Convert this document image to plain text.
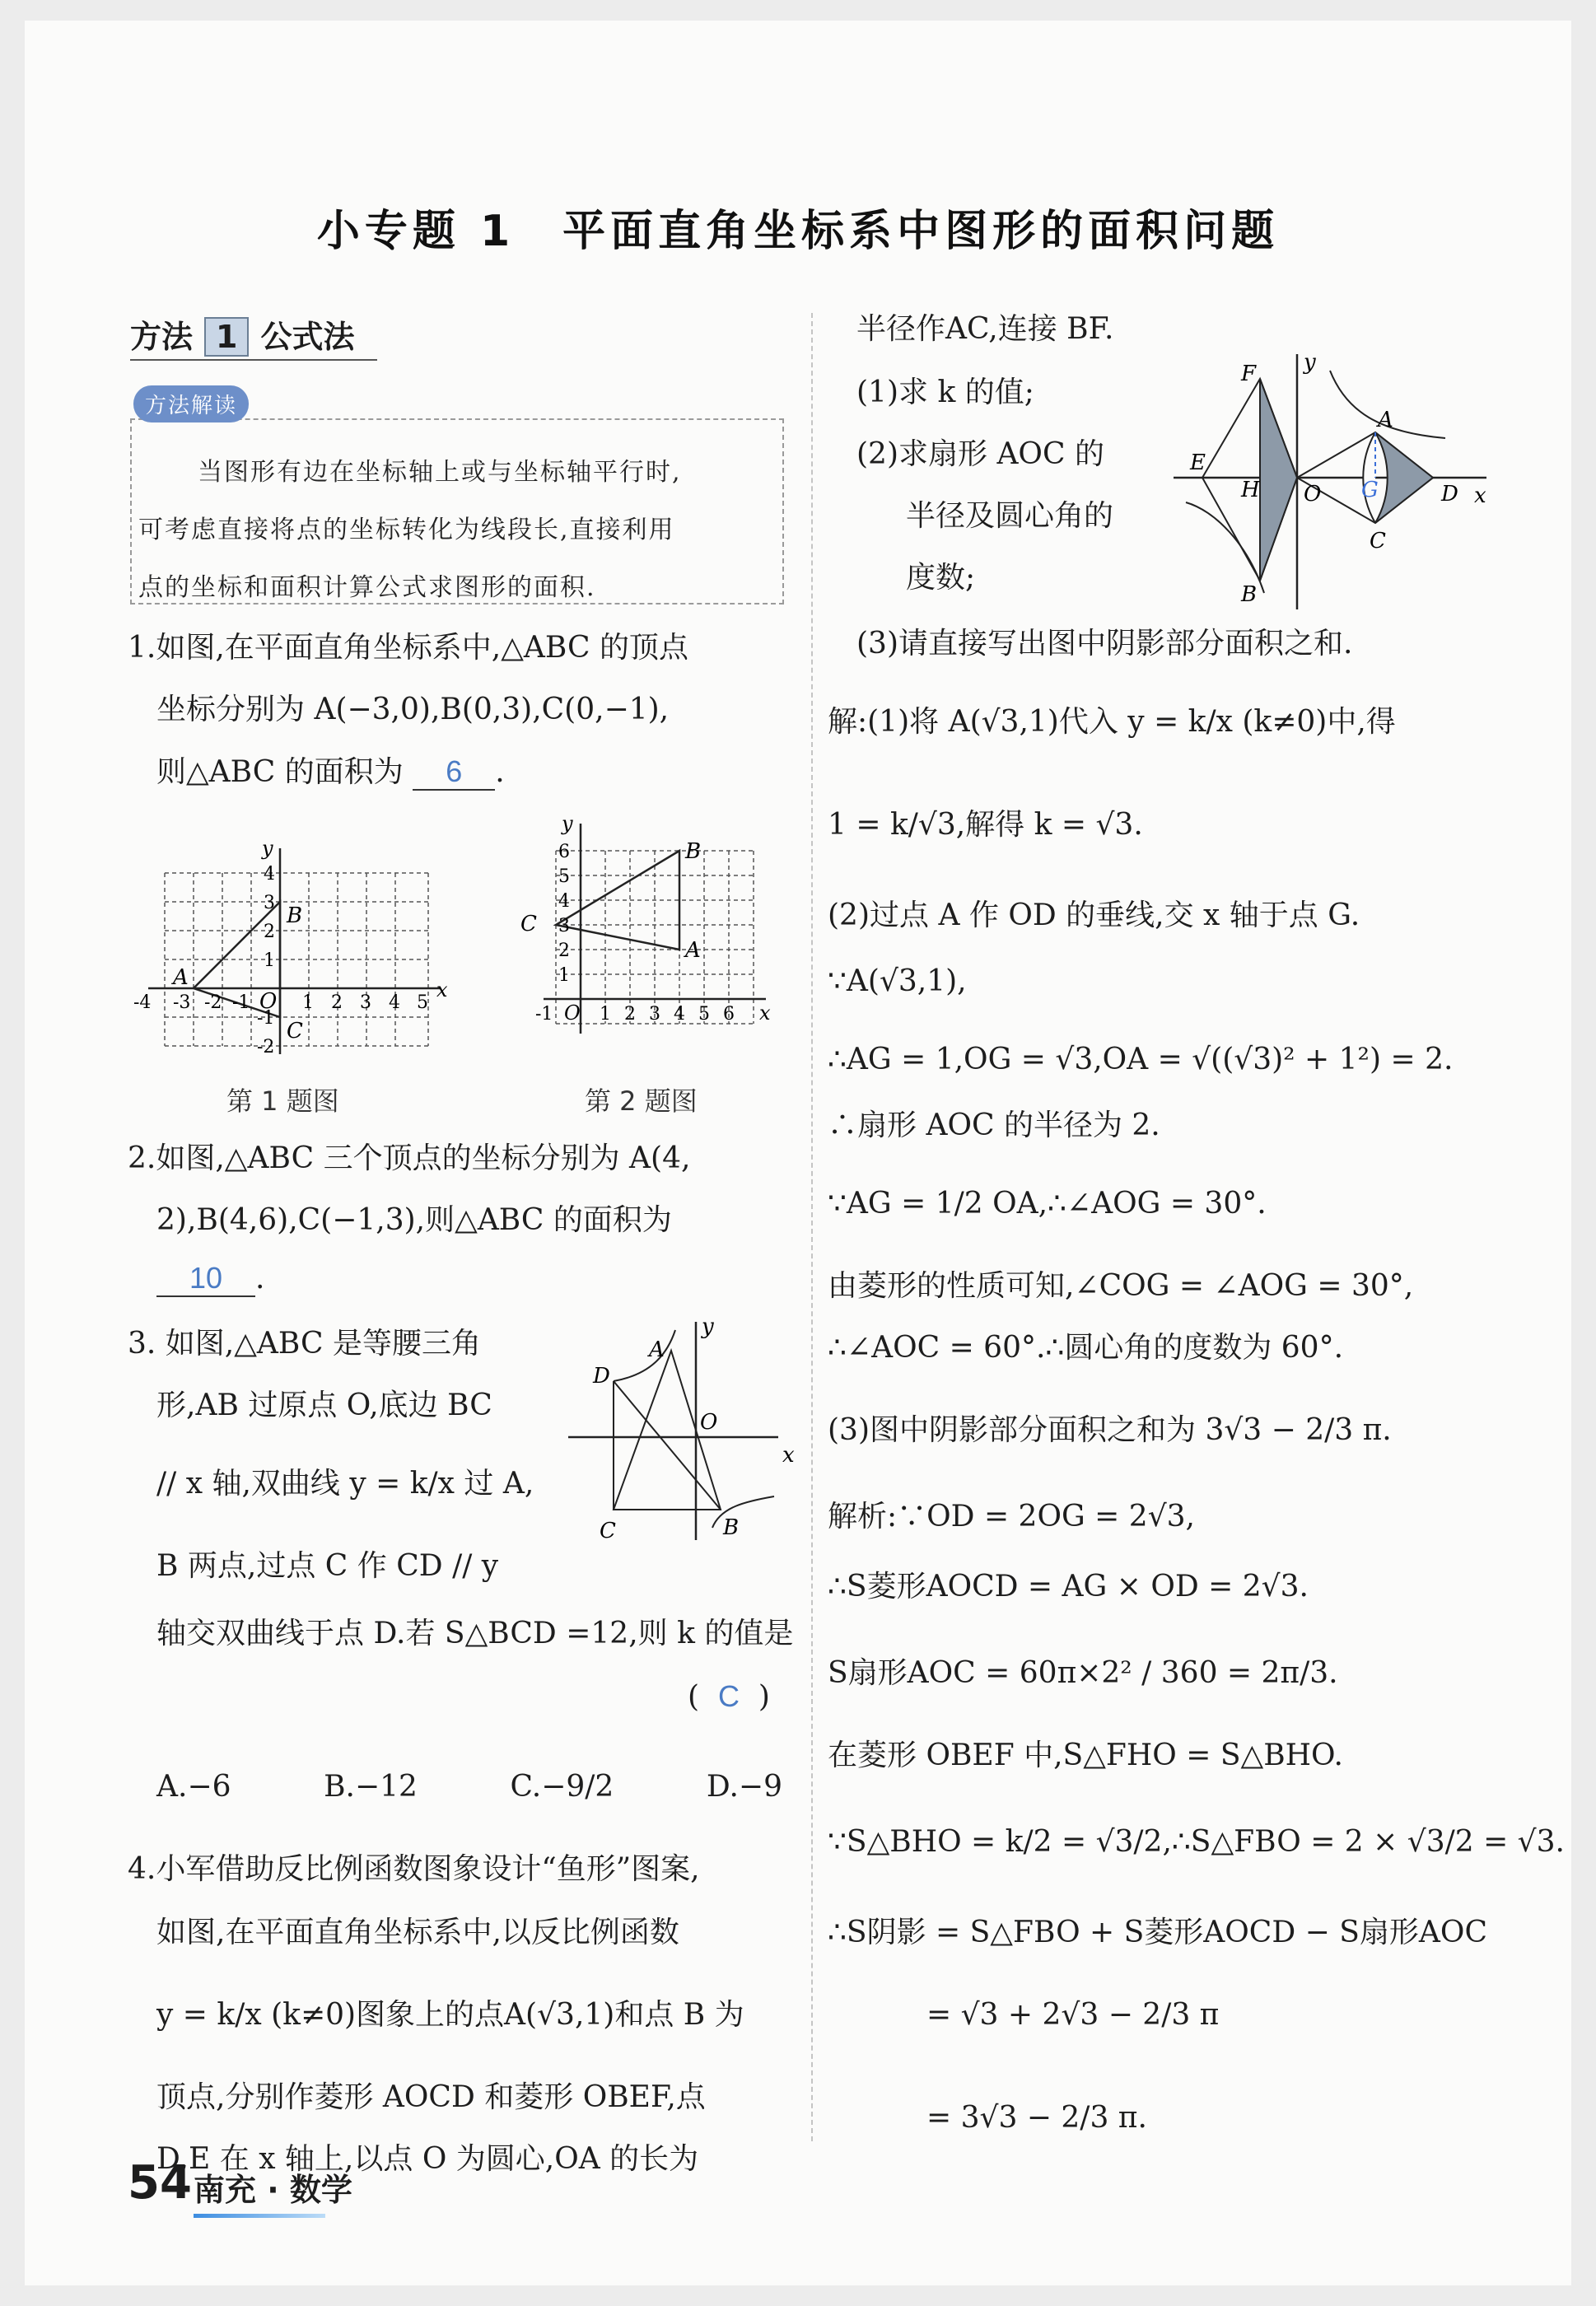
小专题 1　平面直角坐标系中图形的面积问题
方法 1 公式法
方法解读
当图形有边在坐标轴上或与坐标轴平行时,
可考虑直接将点的坐标转化为线段长,直接利用
点的坐标和面积计算公式求图形的面积.
1.如图,在平面直角坐标系中,△ABC 的顶点
坐标分别为 A(−3,0),B(0,3),C(0,−1),
则△ABC 的面积为 6 .
x
y
A
B
C
O
-4 -3 -2 -1	1 2 3 4 5
4
3
2
1
-1
-2
第 1 题图
x
y
A
B
C
O
-1	1 2 3 4 5 6
6
5
4
3
2
1
第 2 题图
2.如图,△ABC 三个顶点的坐标分别为 A(4,
2),B(4,6),C(−1,3),则△ABC 的面积为
10 .
3. 如图,△ABC 是等腰三角
形,AB 过原点 O,底边 BC
// x 轴,双曲线 y = k/x 过 A,
B 两点,过点 C 作 CD // y
轴交双曲线于点 D.若 S△BCD =12,则 k 的值是
(  C  )
A.−6	B.−12	C.−9/2	D.−9
x
y
A
D
O
C	B
4.小军借助反比例函数图象设计“鱼形”图案,
如图,在平面直角坐标系中,以反比例函数
y = k/x (k≠0)图象上的点A(√3,1)和点 B 为
顶点,分别作菱形 AOCD 和菱形 OBEF,点
D,E 在 x 轴上,以点 O 为圆心,OA 的长为
半径作AC,连接 BF.
(1)求 k 的值;
(2)求扇形 AOC 的
半径及圆心角的
度数;
(3)请直接写出图中阴影部分面积之和.
解:(1)将 A(√3,1)代入 y = k/x (k≠0)中,得
1 = k/√3,解得 k = √3.
(2)过点 A 作 OD 的垂线,交 x 轴于点 G.
∵A(√3,1),
∴AG = 1,OG = √3,OA = √((√3)² + 1²) = 2.
∴扇形 AOC 的半径为 2.
∵AG = 1/2 OA,∴∠AOG = 30°.
由菱形的性质可知,∠COG = ∠AOG = 30°,
∴∠AOC = 60°.∴圆心角的度数为 60°.
(3)图中阴影部分面积之和为 3√3 − 2/3 π.
解析:∵OD = 2OG = 2√3,
∴S菱形AOCD = AG × OD = 2√3.
S扇形AOC = 60π×2² / 360 = 2π/3.
在菱形 OBEF 中,S△FHO = S△BHO.
∵S△BHO = k/2 = √3/2,∴S△FBO = 2 × √3/2 = √3.
∴S阴影 = S△FBO + S菱形AOCD − S扇形AOC
= √3 + 2√3 − 2/3 π
= 3√3 − 2/3 π.
F y
A
E
H O G	D x
C
B
54 南充 · 数学
